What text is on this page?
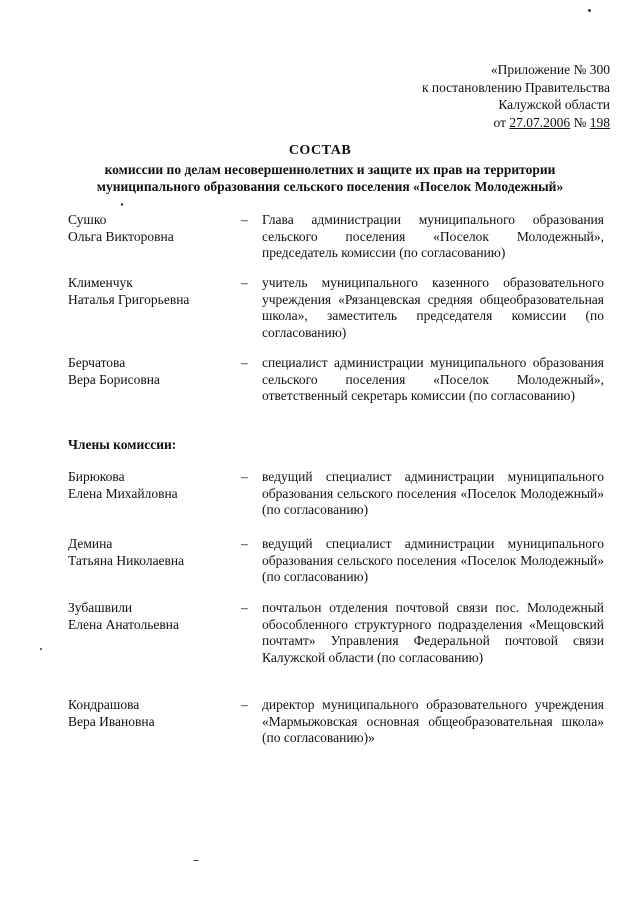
«Приложение № 300
к постановлению Правительства
Калужской области
от 27.07.2006 № 198
СОСТАВ
комиссии по делам несовершеннолетних и защите их прав на территории муниципального образования сельского поселения «Поселок Молодежный»
Сушко
Ольга Викторовна
– Глава администрации муниципального образования сельского поселения «Поселок Молодежный», председатель комиссии (по согласованию)
Клименчук
Наталья Григорьевна
– учитель муниципального казенного образовательного учреждения «Рязанцевская средняя общеобразовательная школа», заместитель председателя комиссии (по согласованию)
Берчатова
Вера Борисовна
– специалист администрации муниципального образования сельского поселения «Поселок Молодежный», ответственный секретарь комиссии (по согласованию)
Члены комиссии:
Бирюкова
Елена Михайловна
– ведущий специалист администрации муниципального образования сельского поселения «Поселок Молодежный» (по согласованию)
Демина
Татьяна Николаевна
– ведущий специалист администрации муниципального образования сельского поселения «Поселок Молодежный» (по согласованию)
Зубашвили
Елена Анатольевна
– почтальон отделения почтовой связи пос. Молодежный обособленного структурного подразделения «Мещовский почтамт» Управления Федеральной почтовой связи Калужской области (по согласованию)
Кондрашова
Вера Ивановна
– директор муниципального образовательного учреждения «Мармыжовская основная общеобразовательная школа» (по согласованию)»
